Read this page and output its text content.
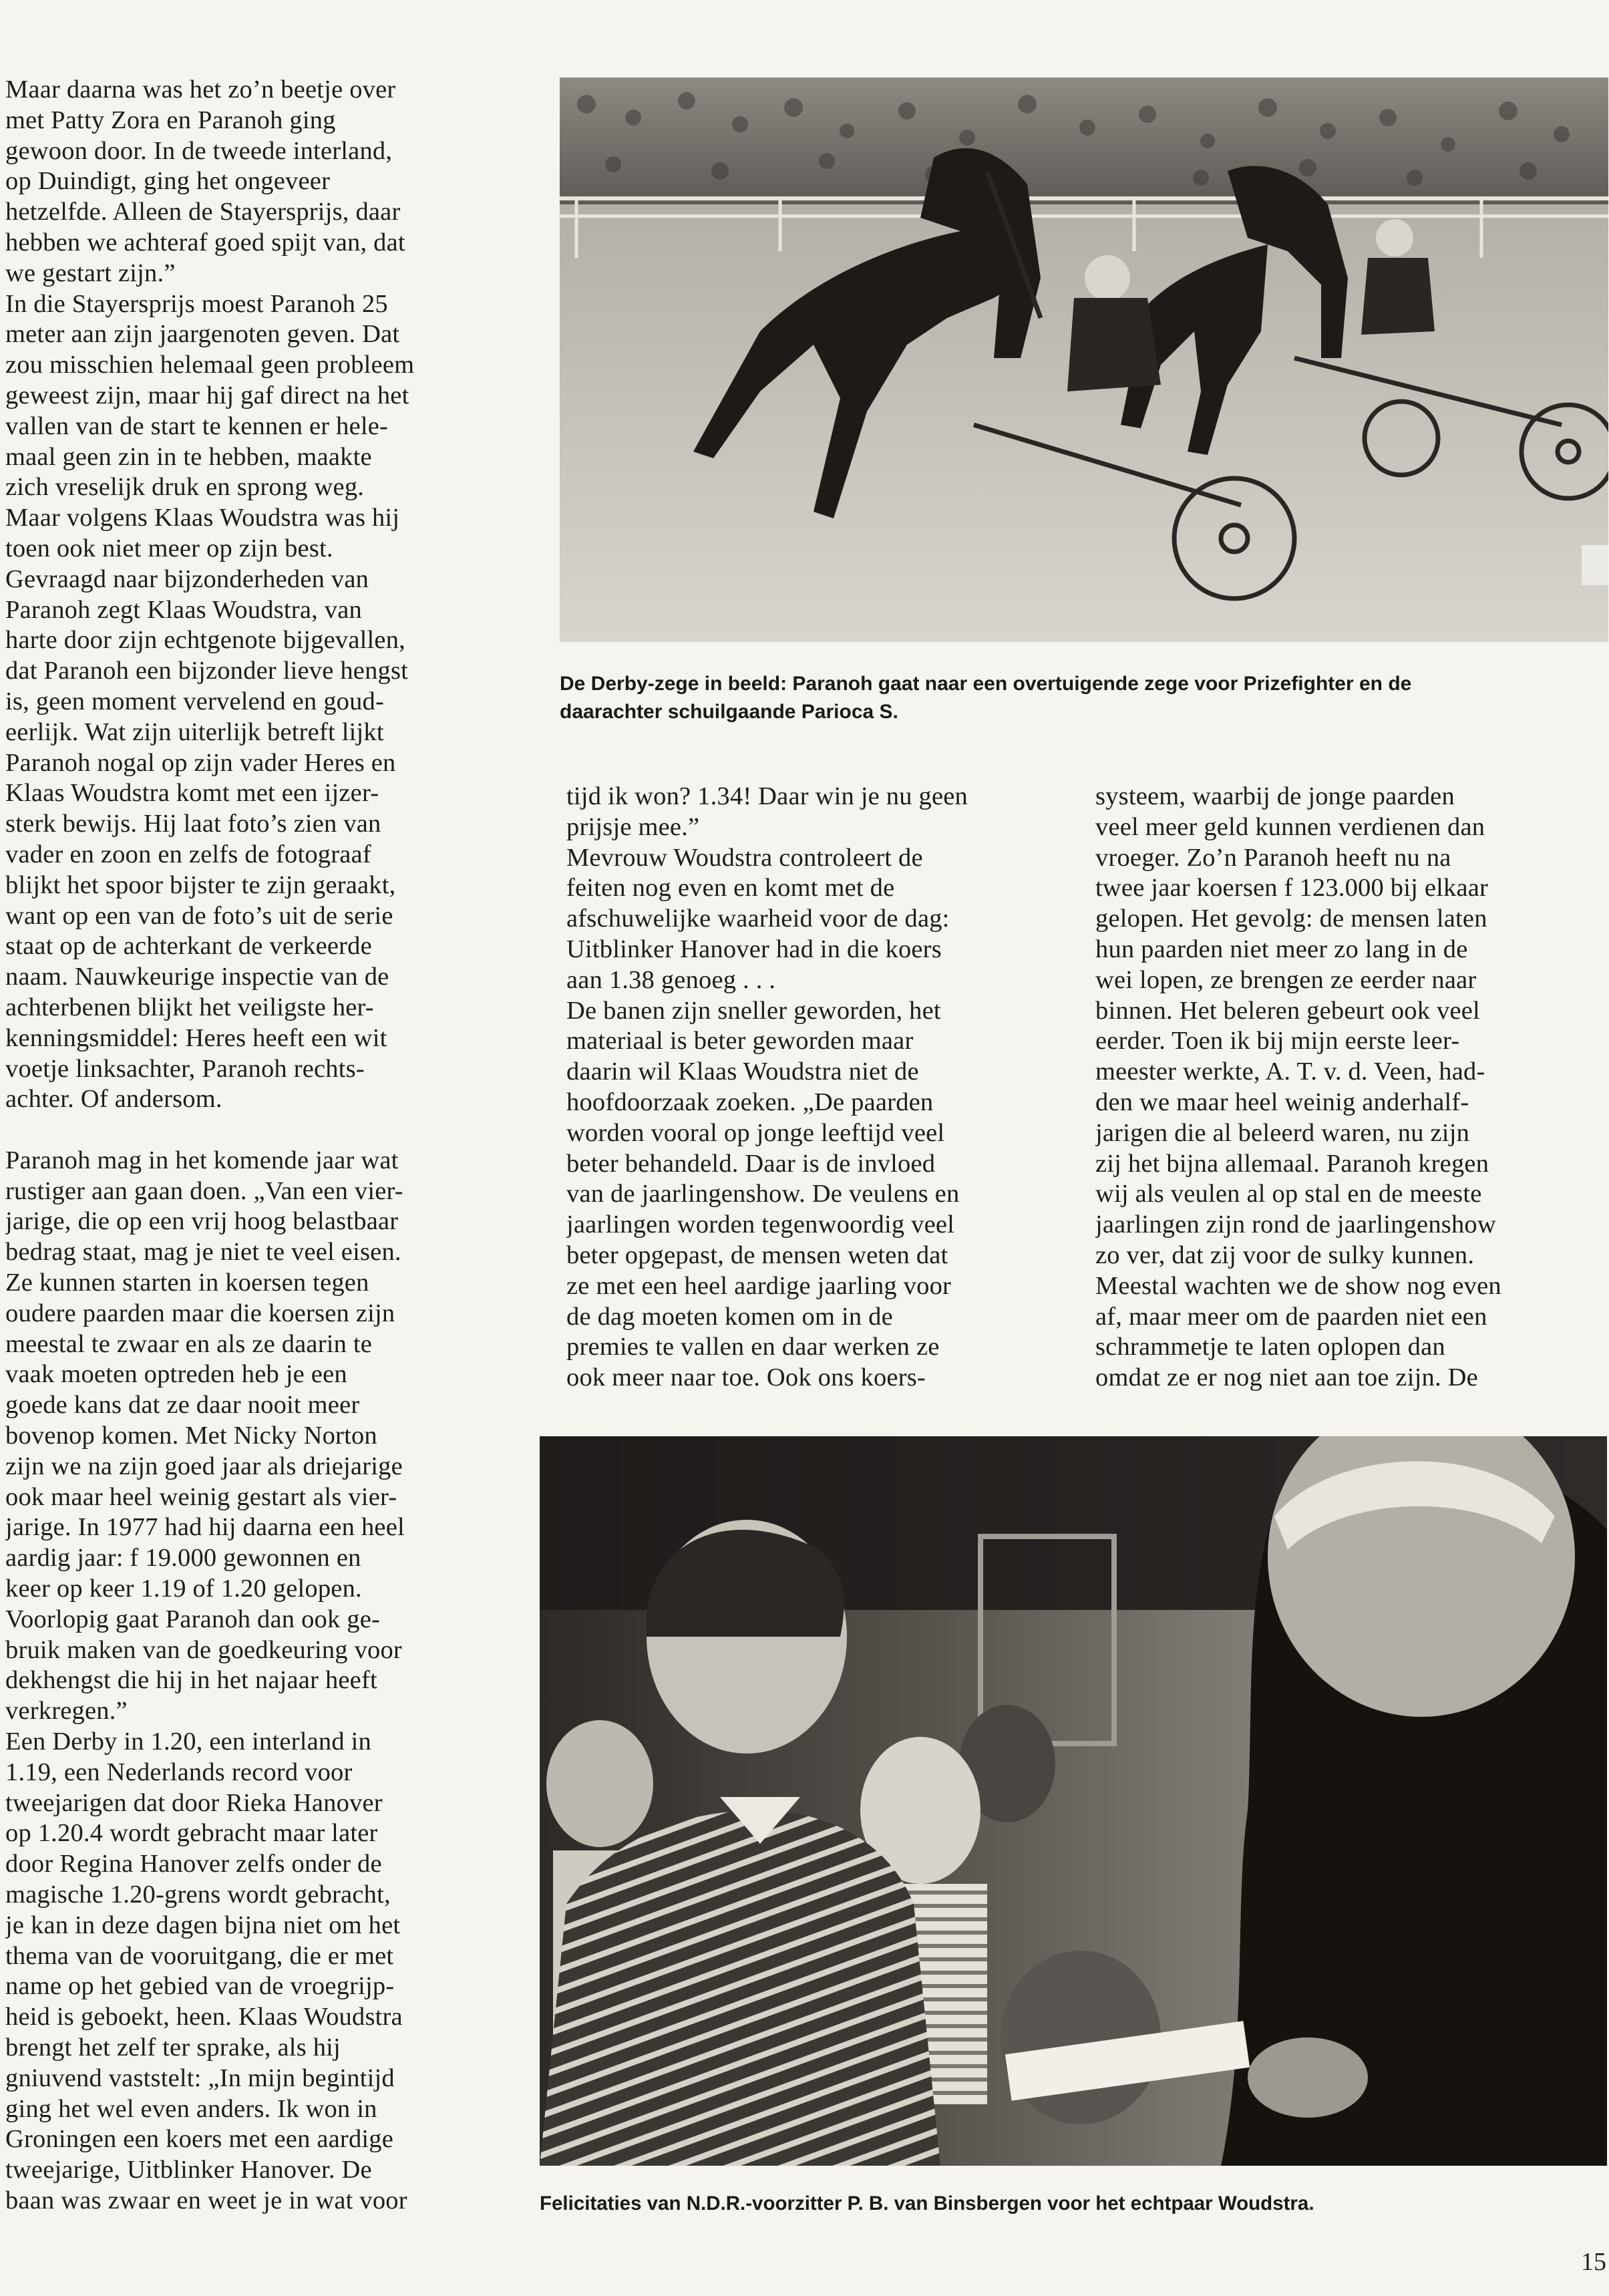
Maar daarna was het zo’n beetje over
met Patty Zora en Paranoh ging
gewoon door. In de tweede interland,
op Duindigt, ging het ongeveer
hetzelfde. Alleen de Stayersprijs, daar
hebben we achteraf goed spijt van, dat
we gestart zijn.”
In die Stayersprijs moest Paranoh 25
meter aan zijn jaargenoten geven. Dat
zou misschien helemaal geen probleem
geweest zijn, maar hij gaf direct na het
vallen van de start te kennen er hele-
maal geen zin in te hebben, maakte
zich vreselijk druk en sprong weg.
Maar volgens Klaas Woudstra was hij
toen ook niet meer op zijn best.
Gevraagd naar bijzonderheden van
Paranoh zegt Klaas Woudstra, van
harte door zijn echtgenote bijgevallen,
dat Paranoh een bijzonder lieve hengst
is, geen moment vervelend en goud-
eerlijk. Wat zijn uiterlijk betreft lijkt
Paranoh nogal op zijn vader Heres en
Klaas Woudstra komt met een ijzer-
sterk bewijs. Hij laat foto’s zien van
vader en zoon en zelfs de fotograaf
blijkt het spoor bijster te zijn geraakt,
want op een van de foto’s uit de serie
staat op de achterkant de verkeerde
naam. Nauwkeurige inspectie van de
achterbenen blijkt het veiligste her-
kenningsmiddel: Heres heeft een wit
voetje linksachter, Paranoh rechts-
achter. Of andersom.
Paranoh mag in het komende jaar wat
rustiger aan gaan doen. „Van een vier-
jarige, die op een vrij hoog belastbaar
bedrag staat, mag je niet te veel eisen.
Ze kunnen starten in koersen tegen
oudere paarden maar die koersen zijn
meestal te zwaar en als ze daarin te
vaak moeten optreden heb je een
goede kans dat ze daar nooit meer
bovenop komen. Met Nicky Norton
zijn we na zijn goed jaar als driejarige
ook maar heel weinig gestart als vier-
jarige. In 1977 had hij daarna een heel
aardig jaar: f 19.000 gewonnen en
keer op keer 1.19 of 1.20 gelopen.
Voorlopig gaat Paranoh dan ook ge-
bruik maken van de goedkeuring voor
dekhengst die hij in het najaar heeft
verkregen.”
Een Derby in 1.20, een interland in
1.19, een Nederlands record voor
tweejarigen dat door Rieka Hanover
op 1.20.4 wordt gebracht maar later
door Regina Hanover zelfs onder de
magische 1.20-grens wordt gebracht,
je kan in deze dagen bijna niet om het
thema van de vooruitgang, die er met
name op het gebied van de vroegrijp-
heid is geboekt, heen. Klaas Woudstra
brengt het zelf ter sprake, als hij
gniuvend vaststelt: „In mijn begintijd
ging het wel even anders. Ik won in
Groningen een koers met een aardige
tweejarige, Uitblinker Hanover. De
baan was zwaar en weet je in wat voor
De Derby-zege in beeld: Paranoh gaat naar een overtuigende zege voor Prizefighter en de
daarachter schuilgaande Parioca S.
tijd ik won? 1.34! Daar win je nu geen
prijsje mee.”
Mevrouw Woudstra controleert de
feiten nog even en komt met de
afschuwelijke waarheid voor de dag:
Uitblinker Hanover had in die koers
aan 1.38 genoeg . . .
De banen zijn sneller geworden, het
materiaal is beter geworden maar
daarin wil Klaas Woudstra niet de
hoofdoorzaak zoeken. „De paarden
worden vooral op jonge leeftijd veel
beter behandeld. Daar is de invloed
van de jaarlingenshow. De veulens en
jaarlingen worden tegenwoordig veel
beter opgepast, de mensen weten dat
ze met een heel aardige jaarling voor
de dag moeten komen om in de
premies te vallen en daar werken ze
ook meer naar toe. Ook ons koers-
systeem, waarbij de jonge paarden
veel meer geld kunnen verdienen dan
vroeger. Zo’n Paranoh heeft nu na
twee jaar koersen f 123.000 bij elkaar
gelopen. Het gevolg: de mensen laten
hun paarden niet meer zo lang in de
wei lopen, ze brengen ze eerder naar
binnen. Het beleren gebeurt ook veel
eerder. Toen ik bij mijn eerste leer-
meester werkte, A. T. v. d. Veen, had-
den we maar heel weinig anderhalf-
jarigen die al beleerd waren, nu zijn
zij het bijna allemaal. Paranoh kregen
wij als veulen al op stal en de meeste
jaarlingen zijn rond de jaarlingenshow
zo ver, dat zij voor de sulky kunnen.
Meestal wachten we de show nog even
af, maar meer om de paarden niet een
schrammetje te laten oplopen dan
omdat ze er nog niet aan toe zijn. De
Felicitaties van N.D.R.-voorzitter P. B. van Binsbergen voor het echtpaar Woudstra.
15
